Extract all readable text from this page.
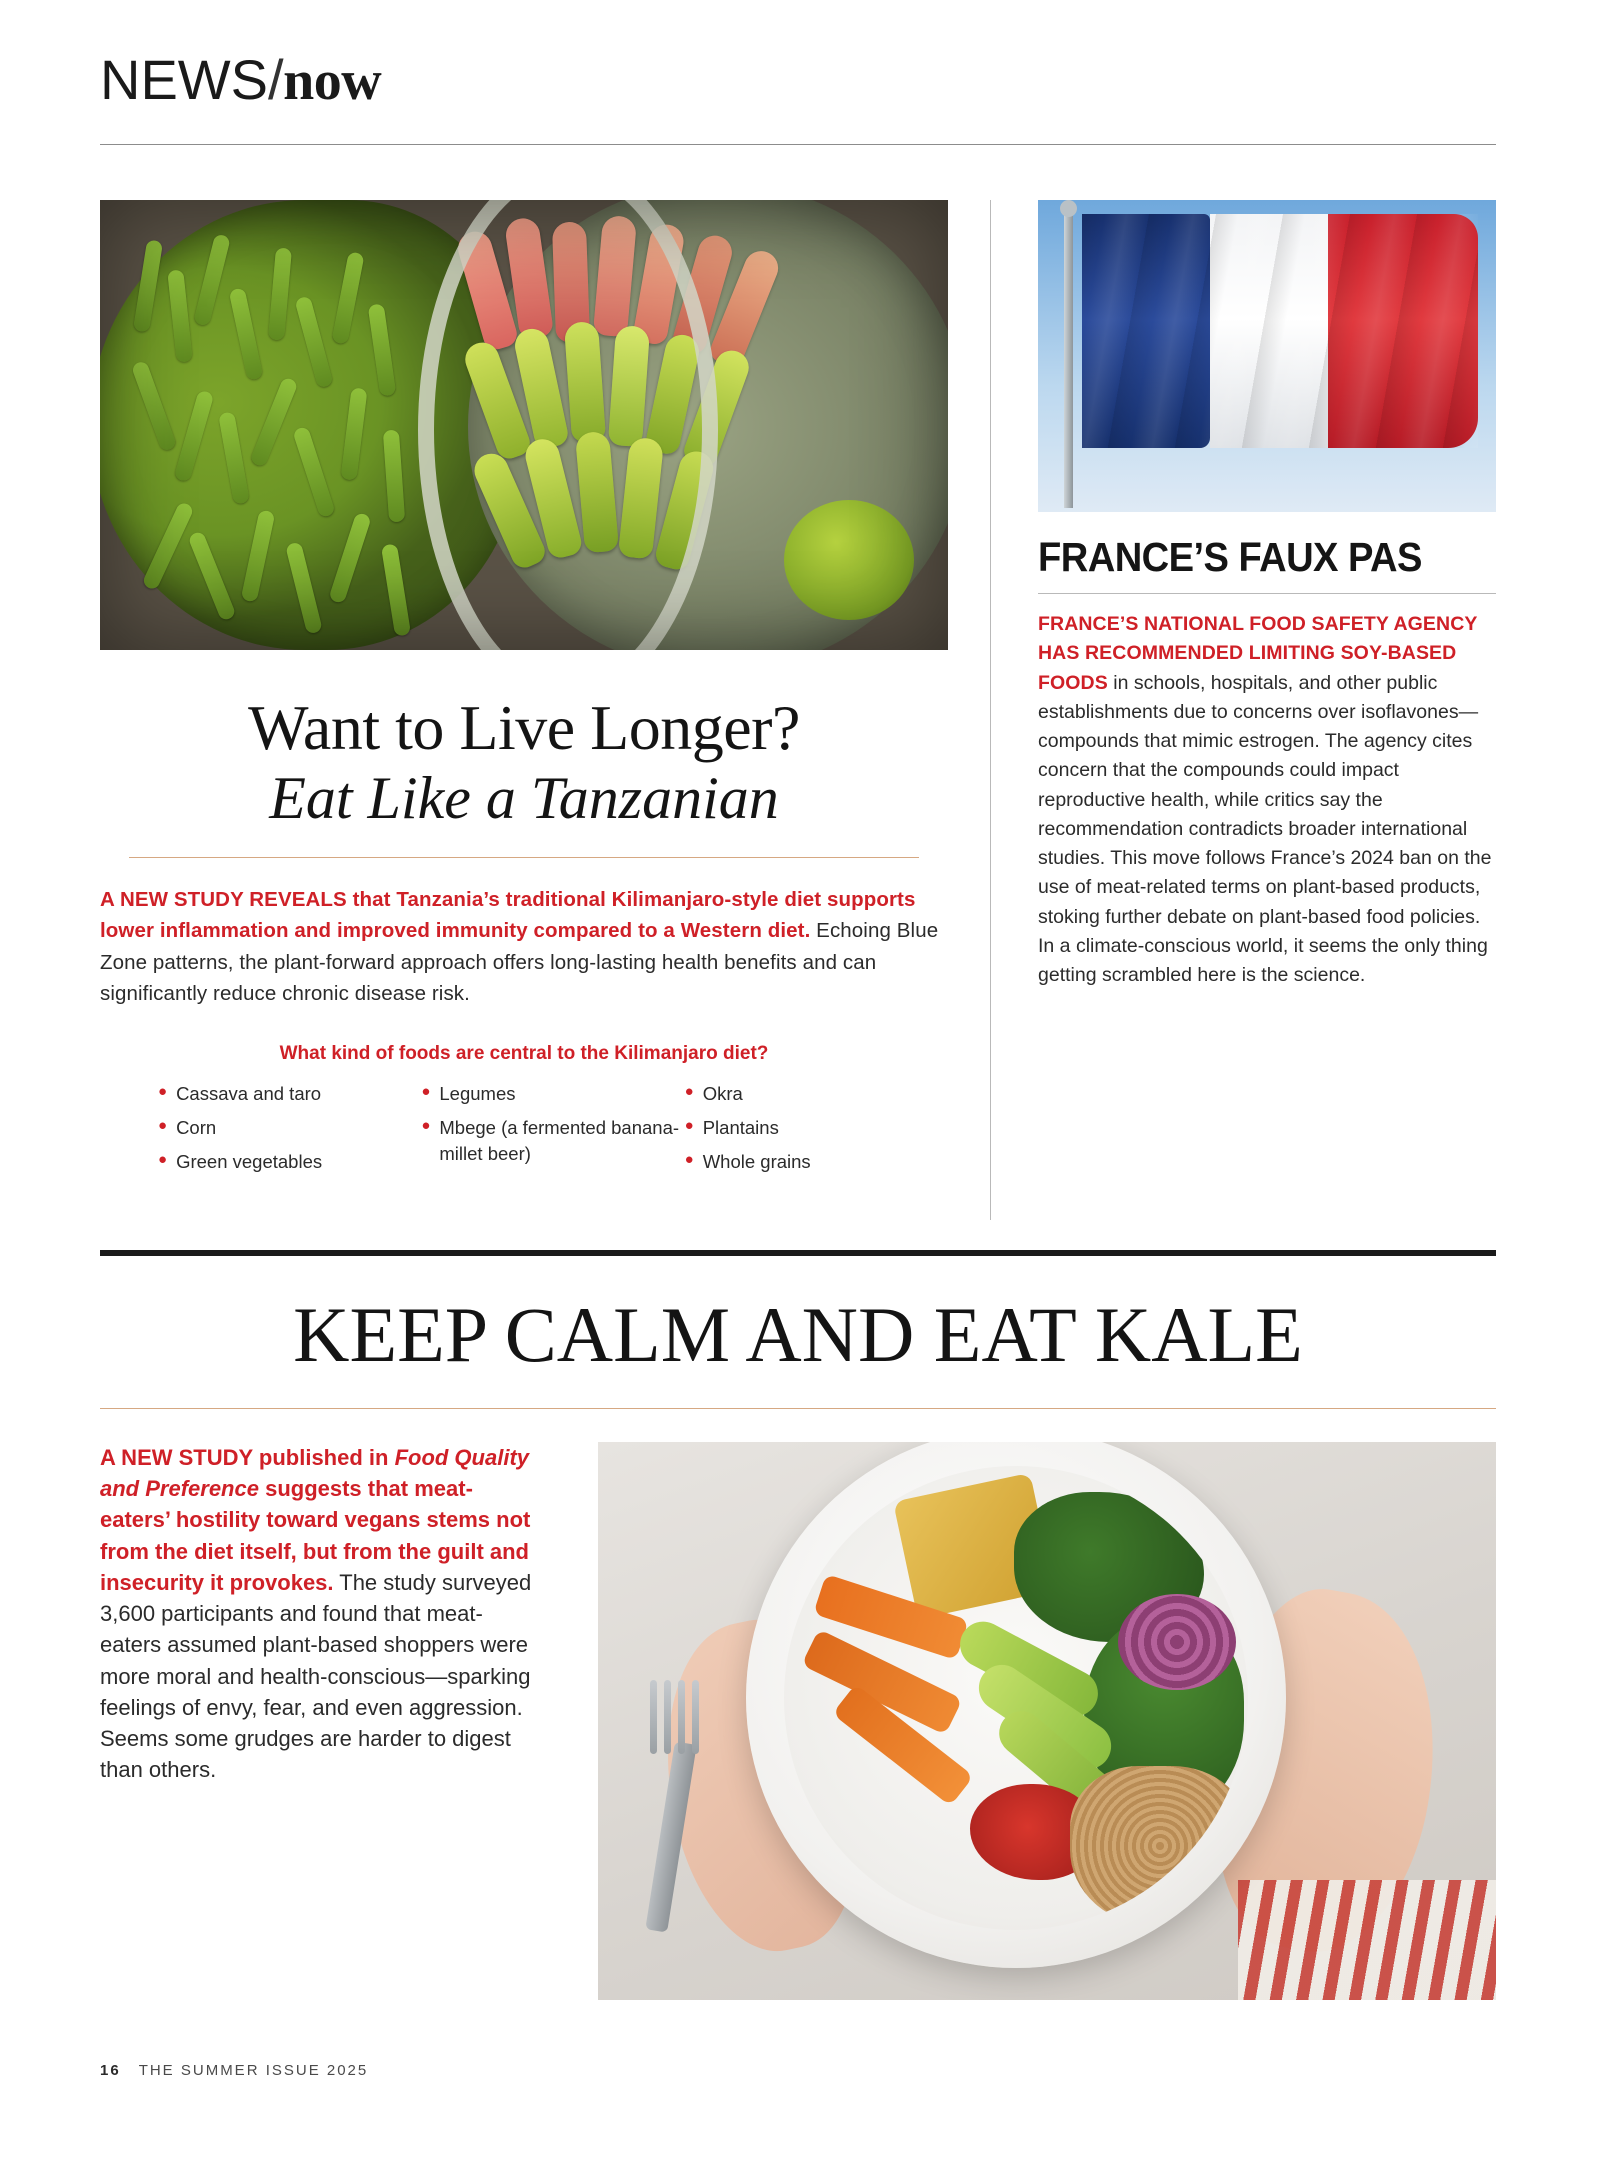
NEWS/now
Want to Live Longer?
Eat Like a Tanzanian

A NEW STUDY REVEALS that Tanzania’s traditional Kilimanjaro-style diet supports lower inflammation and improved immunity compared to a Western diet. Echoing Blue Zone patterns, the plant-forward approach offers long-lasting health benefits and can significantly reduce chronic disease risk.

What kind of foods are central to the Kilimanjaro diet?
● Cassava and taro
● Corn
● Green vegetables
● Legumes
● Mbege (a fermented banana-millet beer)
● Okra
● Plantains
● Whole grains
FRANCE’S FAUX PAS

FRANCE’S NATIONAL FOOD SAFETY AGENCY HAS RECOMMENDED LIMITING SOY-BASED FOODS in schools, hospitals, and other public establishments due to concerns over isoflavones—compounds that mimic estrogen. The agency cites concern that the compounds could impact reproductive health, while critics say the recommendation contradicts broader international studies. This move follows France’s 2024 ban on the use of meat-related terms on plant-based products, stoking further debate on plant-based food policies. In a climate-conscious world, it seems the only thing getting scrambled here is the science.

KEEP CALM AND EAT KALE
A NEW STUDY published in Food Quality and Preference suggests that meat-eaters’ hostility toward vegans stems not from the diet itself, but from the guilt and insecurity it provokes. The study surveyed 3,600 participants and found that meat-eaters assumed plant-based shoppers were more moral and health-conscious—sparking feelings of envy, fear, and even aggression. Seems some grudges are harder to digest than others.
16 THE SUMMER ISSUE 2025
